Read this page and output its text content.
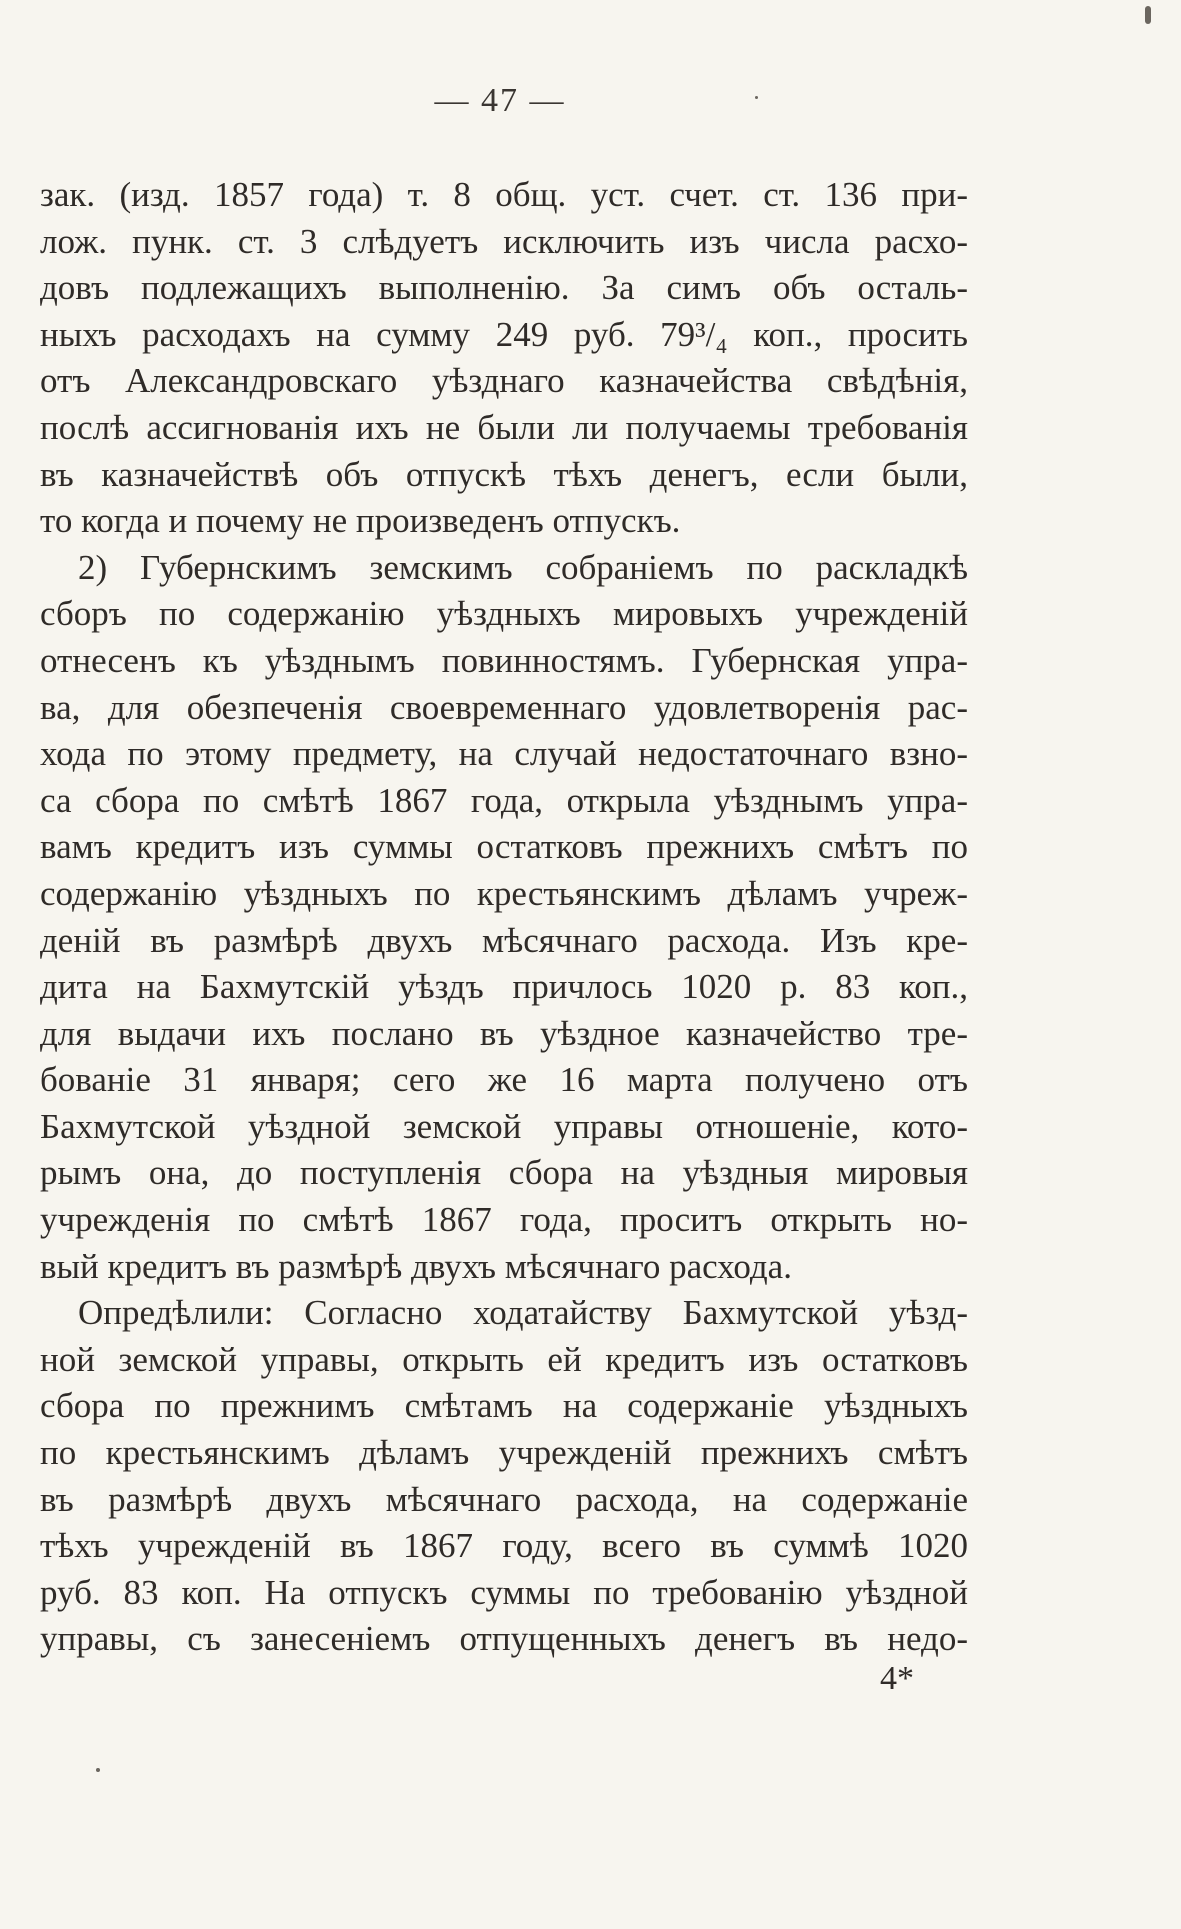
— 47 —
зак. (изд. 1857 года) т. 8 общ. уст. счет. ст. 136 при-
лож. пунк. ст. 3 слѣдуетъ исключить изъ числа расхо-
довъ подлежащихъ выполненію. За симъ объ осталь-
ныхъ расходахъ на сумму 249 руб. 79³/₄ коп., просить
отъ Александровскаго уѣзднаго казначейства свѣдѣнія,
послѣ ассигнованія ихъ не были ли получаемы требованія
въ казначействѣ объ отпускѣ тѣхъ денегъ, если были,
то когда и почему не произведенъ отпускъ.
2) Губернскимъ земскимъ собраніемъ по раскладкѣ
сборъ по содержанію уѣздныхъ мировыхъ учрежденій
отнесенъ къ уѣзднымъ повинностямъ. Губернская упра-
ва, для обезпеченія своевременнаго удовлетворенія рас-
хода по этому предмету, на случай недостаточнаго взно-
са сбора по смѣтѣ 1867 года, открыла уѣзднымъ упра-
вамъ кредитъ изъ суммы остатковъ прежнихъ смѣтъ по
содержанію уѣздныхъ по крестьянскимъ дѣламъ учреж-
деній въ размѣрѣ двухъ мѣсячнаго расхода. Изъ кре-
дита на Бахмутскій уѣздъ причлось 1020 р. 83 коп.,
для выдачи ихъ послано въ уѣздное казначейство тре-
бованіе 31 января; сего же 16 марта получено отъ
Бахмутской уѣздной земской управы отношеніе, кото-
рымъ она, до поступленія сбора на уѣздныя мировыя
учрежденія по смѣтѣ 1867 года, проситъ открыть но-
вый кредитъ въ размѣрѣ двухъ мѣсячнаго расхода.
Опредѣлили: Согласно ходатайству Бахмутской уѣзд-
ной земской управы, открыть ей кредитъ изъ остатковъ
сбора по прежнимъ смѣтамъ на содержаніе уѣздныхъ
по крестьянскимъ дѣламъ учрежденій прежнихъ смѣтъ
въ размѣрѣ двухъ мѣсячнаго расхода, на содержаніе
тѣхъ учрежденій въ 1867 году, всего въ суммѣ 1020
руб. 83 коп. На отпускъ суммы по требованію уѣздной
управы, съ занесеніемъ отпущенныхъ денегъ въ недо-
4*
